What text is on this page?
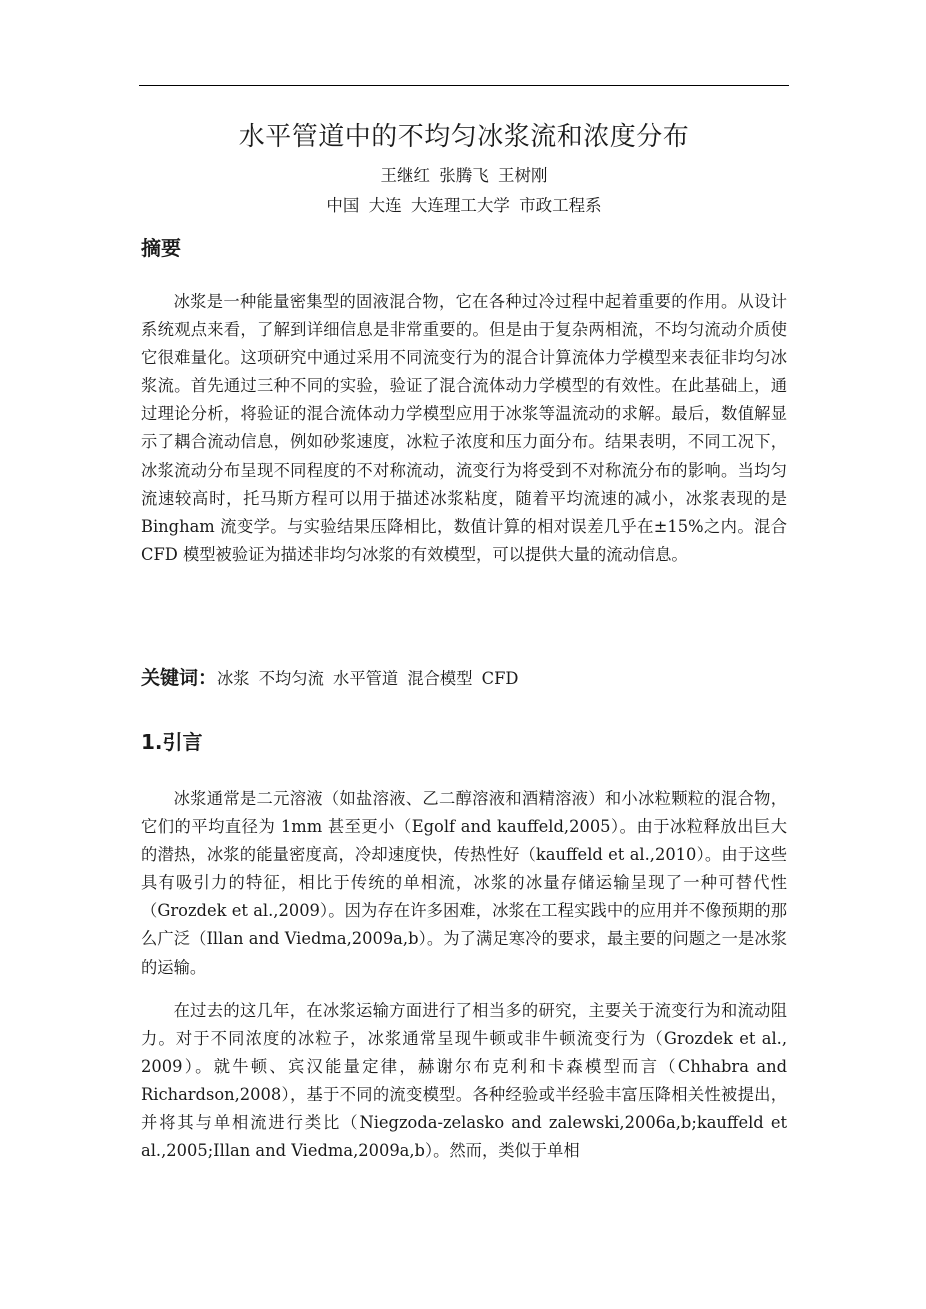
水平管道中的不均匀冰浆流和浓度分布
王继红 张腾飞 王树刚
中国 大连 大连理工大学 市政工程系
摘要

冰浆是一种能量密集型的固液混合物，它在各种过冷过程中起着重要的作用。从设计系统观点来看，了解到详细信息是非常重要的。但是由于复杂两相流，不均匀流动介质使它很难量化。这项研究中通过采用不同流变行为的混合计算流体力学模型来表征非均匀冰浆流。首先通过三种不同的实验，验证了混合流体动力学模型的有效性。在此基础上，通过理论分析，将验证的混合流体动力学模型应用于冰浆等温流动的求解。最后，数值解显示了耦合流动信息，例如砂浆速度，冰粒子浓度和压力面分布。结果表明，不同工况下，冰浆流动分布呈现不同程度的不对称流动，流变行为将受到不对称流分布的影响。当均匀流速较高时，托马斯方程可以用于描述冰浆粘度，随着平均流速的减小，冰浆表现的是 Bingham 流变学。与实验结果压降相比，数值计算的相对误差几乎在±15%之内。混合 CFD 模型被验证为描述非均匀冰浆的有效模型，可以提供大量的流动信息。

关键词：冰浆 不均匀流 水平管道 混合模型 CFD

1.引言

冰浆通常是二元溶液（如盐溶液、乙二醇溶液和酒精溶液）和小冰粒颗粒的混合物，它们的平均直径为 1mm 甚至更小（Egolf and kauffeld,2005）。由于冰粒释放出巨大的潜热，冰浆的能量密度高，冷却速度快，传热性好（kauffeld et al.,2010）。由于这些具有吸引力的特征，相比于传统的单相流，冰浆的冰量存储运输呈现了一种可替代性（Grozdek et al.,2009）。因为存在许多困难，冰浆在工程实践中的应用并不像预期的那么广泛（Illan and Viedma,2009a,b）。为了满足寒冷的要求，最主要的问题之一是冰浆的运输。

在过去的这几年，在冰浆运输方面进行了相当多的研究，主要关于流变行为和流动阻力。对于不同浓度的冰粒子，冰浆通常呈现牛顿或非牛顿流变行为（Grozdek et al., 2009）。就牛顿、宾汉能量定律，赫谢尔布克利和卡森模型而言（Chhabra and Richardson,2008），基于不同的流变模型。各种经验或半经验丰富压降相关性被提出，并将其与单相流进行类比（Niegzoda-zelasko and zalewski,2006a,b;kauffeld et al.,2005;Illan and Viedma,2009a,b）。然而，类似于单相
